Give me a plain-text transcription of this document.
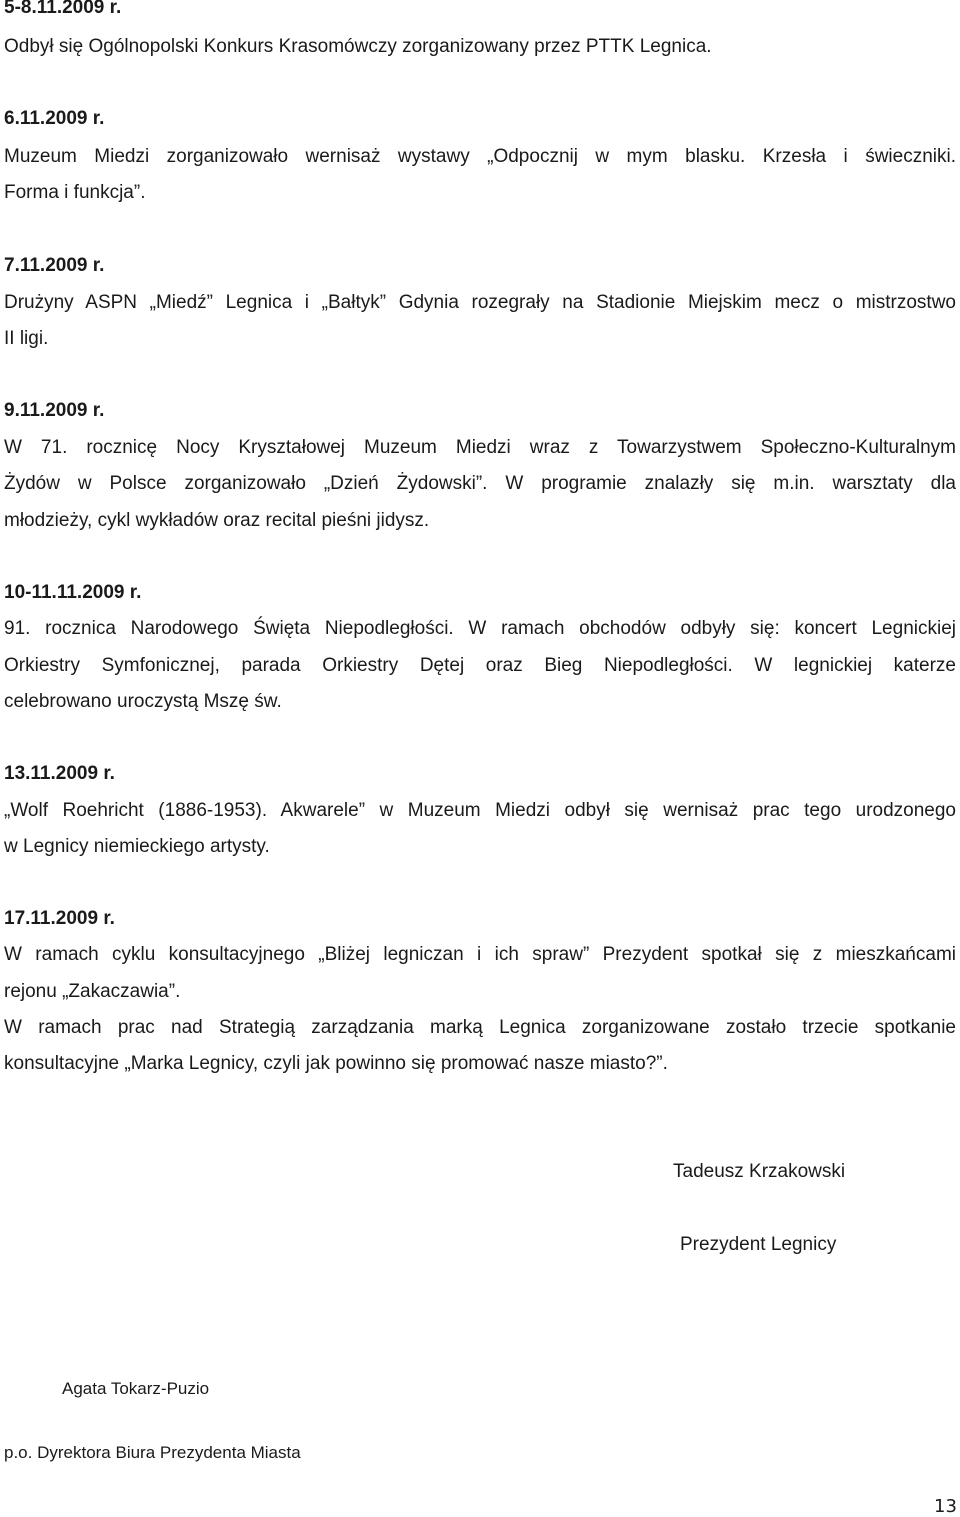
5-8.11.2009 r.
Odbył się Ogólnopolski Konkurs Krasomówczy zorganizowany przez PTTK Legnica.
6.11.2009 r.
Muzeum Miedzi zorganizowało wernisaż wystawy „Odpocznij w mym blasku. Krzesła i świeczniki.
Forma i funkcja”.
7.11.2009 r.
Drużyny ASPN „Miedź” Legnica i „Bałtyk” Gdynia rozegrały na Stadionie Miejskim mecz o mistrzostwo
II ligi.
9.11.2009 r.
W 71. rocznicę Nocy Kryształowej Muzeum Miedzi wraz z Towarzystwem Społeczno-Kulturalnym
Żydów w Polsce zorganizowało „Dzień Żydowski”. W programie znalazły się m.in. warsztaty dla
młodzieży, cykl wykładów oraz recital pieśni jidysz.
10-11.11.2009 r.
91. rocznica Narodowego Święta Niepodległości. W ramach obchodów odbyły się: koncert Legnickiej
Orkiestry Symfonicznej, parada Orkiestry Dętej oraz Bieg Niepodległości. W legnickiej katerze
celebrowano uroczystą Mszę św.
13.11.2009 r.
„Wolf Roehricht (1886-1953). Akwarele” w Muzeum Miedzi odbył się wernisaż prac tego urodzonego
w Legnicy niemieckiego artysty.
17.11.2009 r.
W ramach cyklu konsultacyjnego „Bliżej legniczan i ich spraw” Prezydent spotkał się z mieszkańcami
rejonu „Zakaczawia”.
W ramach prac nad Strategią zarządzania marką Legnica zorganizowane zostało trzecie spotkanie
konsultacyjne „Marka Legnicy, czyli jak powinno się promować nasze miasto?”.
Tadeusz Krzakowski
Prezydent Legnicy
Agata Tokarz-Puzio
p.o. Dyrektora Biura Prezydenta Miasta
13
